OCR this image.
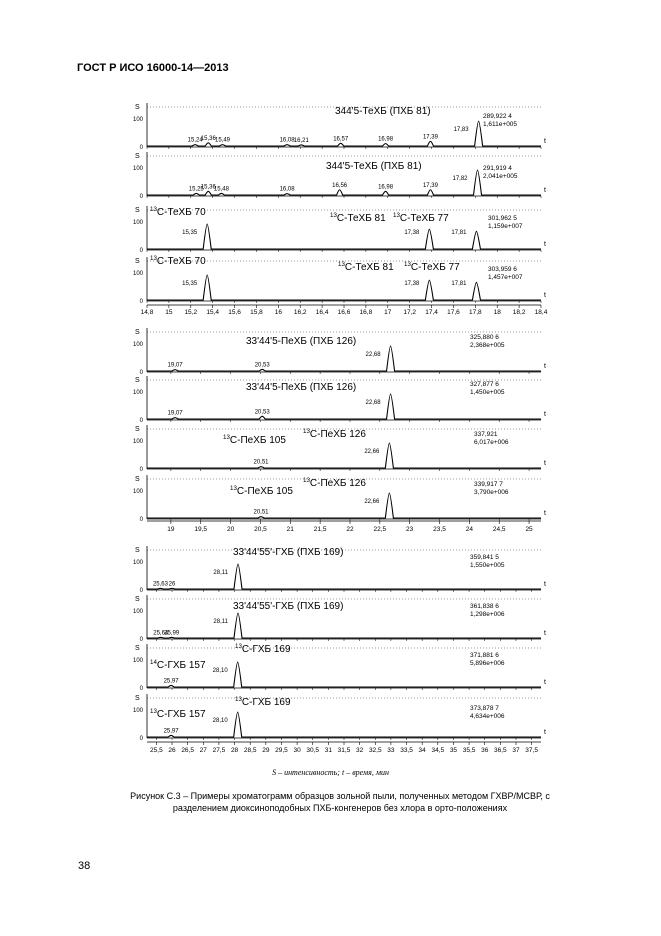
ГОСТ Р ИСО 16000-14—2013
S
100
0
t
15,24
15,36 15,49	16,08 16,21	16,57	16,98	17,39
17,83
344'5-ТеХБ (ПХБ 81)	289,922 4
1,611e+005
S
100
0
t
15,25
15,36
15,48	16,08
16,56	16,98	17,39
17,82
344'5-ТеХБ (ПХБ 81)	291,919 4
2,041e+005
S
100
0
t
15,35	17,38	17,81
$^{13}$С-ТеХБ 70	$^{13}$С-ТеХБ 81 $^{13}$С-ТеХБ 77	301,962 5
1,159e+007
S
100
0
t
15,35	17,38	17,81
$^{13}$С-ТеХБ 70	$^{13}$С-ТеХБ 81 $^{13}$С-ТеХБ 77	303,959 6
1,457e+007
14,8 15 15,2 15,4 15,6 15,8 16 16,2 16,4 16,6 16,8 17 17,2 17,4 17,6 17,8 18 18,2 18,4
S
100
0
t
19,07	20,53
22,68
33'44'5-ПеХБ (ПХБ 126)	325,880 6
2,368e+005
S
100
0
t
19,07	20,53
22,68
33'44'5-ПеХБ (ПХБ 126)	327,877 6
1,450e+005
S
100
0
t
20,51
22,66
$^{13}$С-ПеХБ 105
$^{13}$С-ПеХБ 126	337,921
6,017e+006
S
100
0
t
20,51
22,66
$^{13}$С-ПеХБ 105
$^{13}$С-ПеХБ 126	339,917 7
3,790e+006
19	19,5	20	20,5	21	21,5	22	22,5	23	23,5	24	24,5	25
S
100
0
t
25,63 26
28,11
33'44'55'-ГХБ (ПХБ 169)	359,841 5
1,550e+005
S
100
0
t
25,64
25,99
28,11
33'44'55'-ГХБ (ПХБ 169)	361,838 6
1,298e+006
S
100
0
t
25,97
28,10
$^{14}$С-ГХБ 157
$^{13}$С-ГХБ 169
371,881 6
5,896e+006
S
100
0
t
25,97
28,10
$^{13}$С-ГХБ 157
$^{13}$С-ГХБ 169
373,878 7
4,634e+006
25,5 26 26,5 27 27,5 28 28,5 29 29,5 30 30,5 31 31,5 32 32,5 33 33,5 34 34,5 35 35,5 36 36,5 37 37,5
S – интенсивность; t – время, мин
Рисунок С.3 – Примеры хроматограмм образцов зольной пыли, полученных методом ГХВР/МСВР, с
разделением диоксиноподобных ПХБ-конгенеров без хлора в орто-положениях
38
